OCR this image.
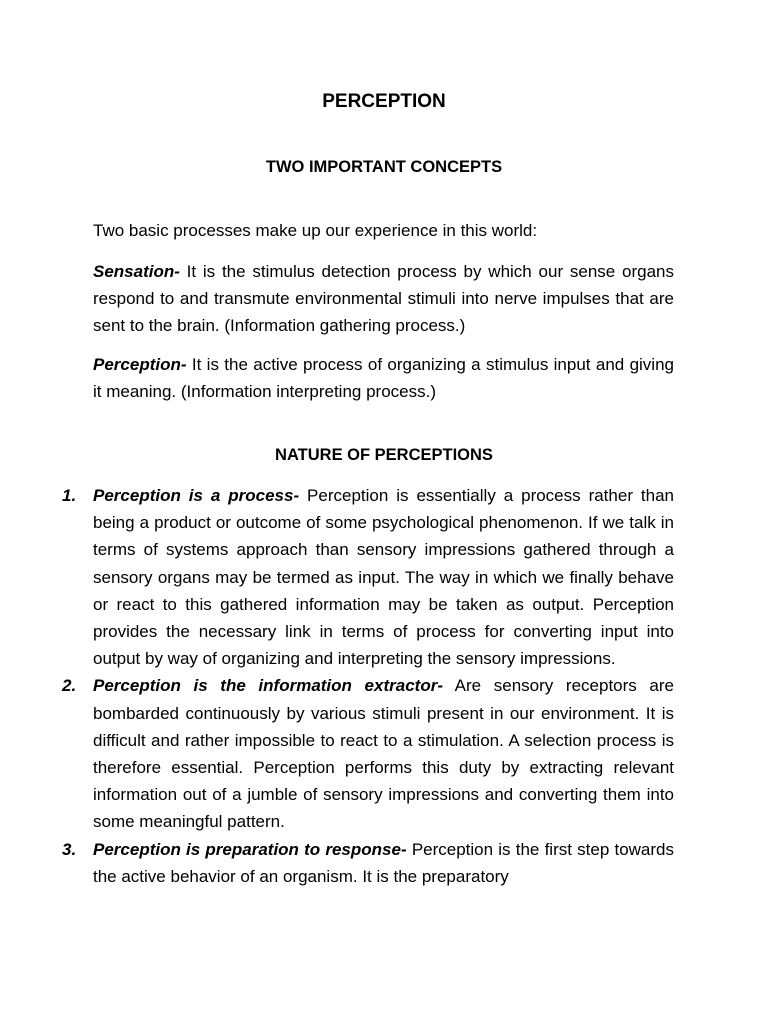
PERCEPTION
TWO IMPORTANT CONCEPTS

Two basic processes make up our experience in this world:

Sensation- It is the stimulus detection process by which our sense organs respond to and transmute environmental stimuli into nerve impulses that are sent to the brain. (Information gathering process.)

Perception- It is the active process of organizing a stimulus input and giving it meaning. (Information interpreting process.)

NATURE OF PERCEPTIONS
1. Perception is a process- Perception is essentially a process rather than being a product or outcome of some psychological phenomenon. If we talk in terms of systems approach than sensory impressions gathered through a sensory organs may be termed as input. The way in which we finally behave or react to this gathered information may be taken as output. Perception provides the necessary link in terms of process for converting input into output by way of organizing and interpreting the sensory impressions.
2. Perception is the information extractor- Are sensory receptors are bombarded continuously by various stimuli present in our environment. It is difficult and rather impossible to react to a stimulation. A selection process is therefore essential. Perception performs this duty by extracting relevant information out of a jumble of sensory impressions and converting them into some meaningful pattern.
3. Perception is preparation to response- Perception is the first step towards the active behavior of an organism. It is the preparatory
